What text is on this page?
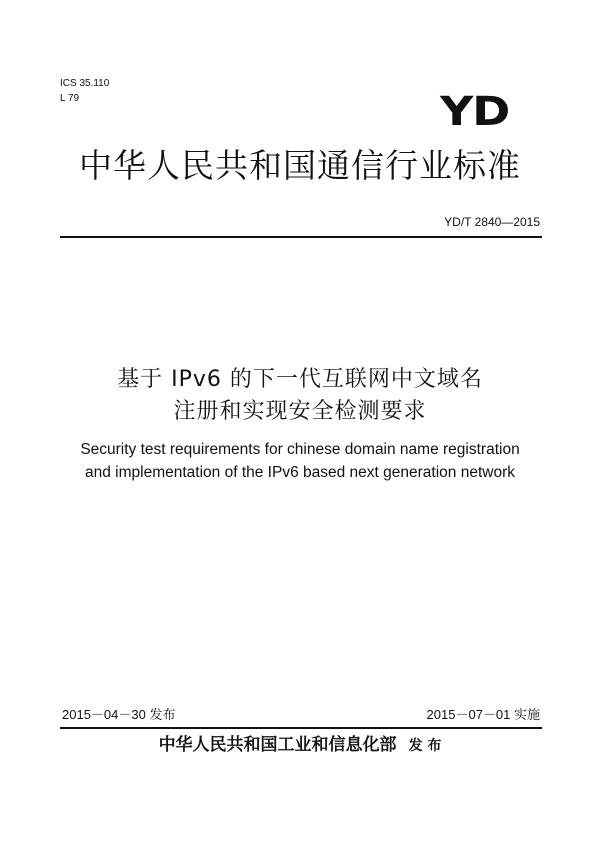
ICS 35.110
L 79	YD
中华人民共和国通信行业标准
YD/T 2840—2015
基于 IPv6 的下一代互联网中文域名
注册和实现安全检测要求
Security test requirements for chinese domain name registration
and implementation of the IPv6 based next generation network
2015－04－30 发布	2015－07－01 实施
中华人民共和国工业和信息化部 发 布
